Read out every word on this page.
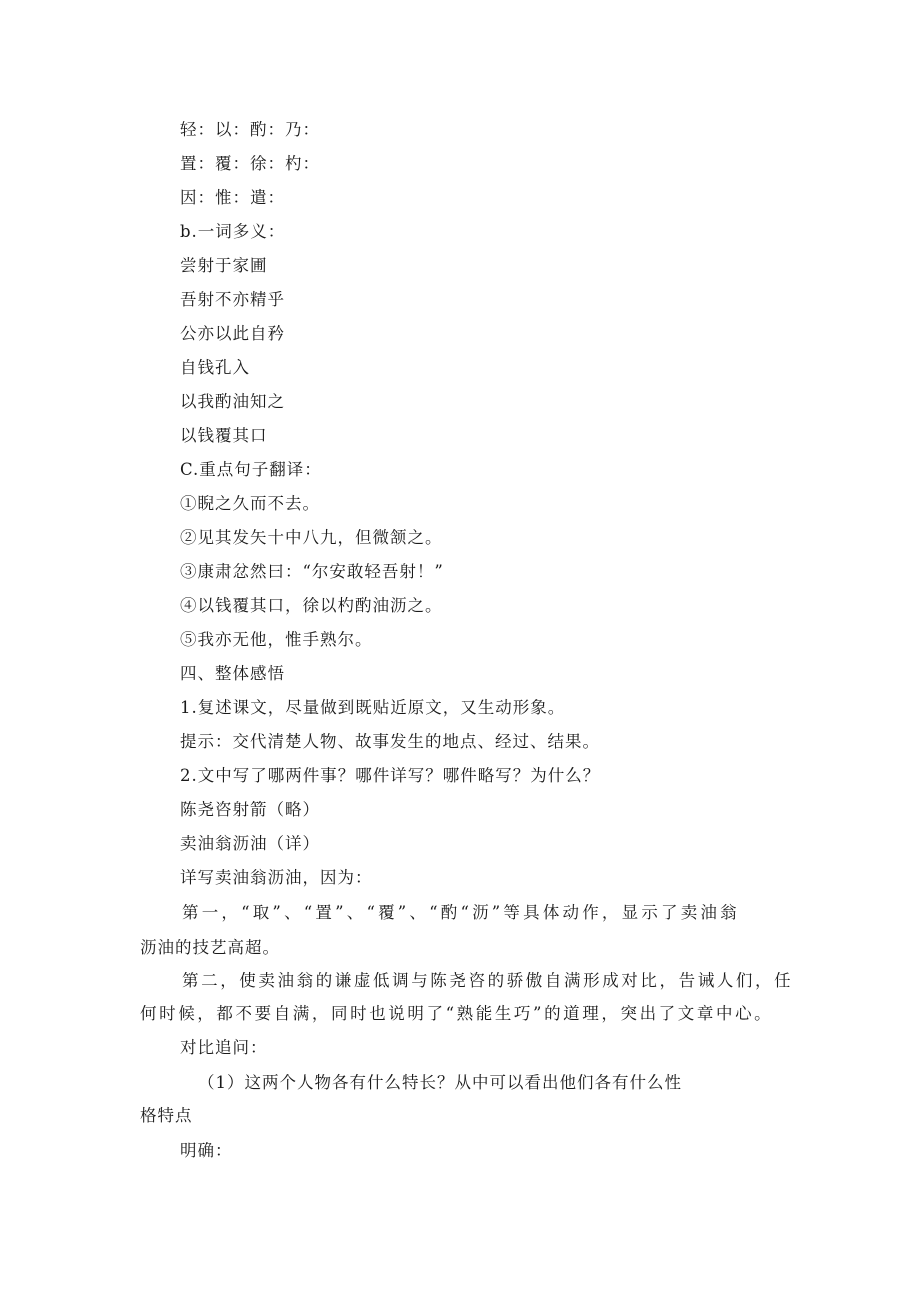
轻：以：酌：乃：
置：覆：徐：杓：
因：惟：遣：
b.一词多义：
尝射于家圃
吾射不亦精乎
公亦以此自矜
自钱孔入
以我酌油知之
以钱覆其口
C.重点句子翻译：
①睨之久而不去。
②见其发矢十中八九，但微颔之。
③康肃忿然曰：“尔安敢轻吾射！”
④以钱覆其口，徐以杓酌油沥之。
⑤我亦无他，惟手熟尔。
四、整体感悟
1.复述课文，尽量做到既贴近原文，又生动形象。
提示：交代清楚人物、故事发生的地点、经过、结果。
2.文中写了哪两件事？哪件详写？哪件略写？为什么？
陈尧咨射箭（略）
卖油翁沥油（详）
详写卖油翁沥油，因为：
第一，“取”、“置”、“覆”、“酌“沥”等具体动作，显示了卖油翁
沥油的技艺高超。
第二，使卖油翁的谦虚低调与陈尧咨的骄傲自满形成对比，告诫人们，任
何时候，都不要自满，同时也说明了“熟能生巧”的道理，突出了文章中心。
对比追问：
（1）这两个人物各有什么特长？从中可以看出他们各有什么性
格特点
明确：
